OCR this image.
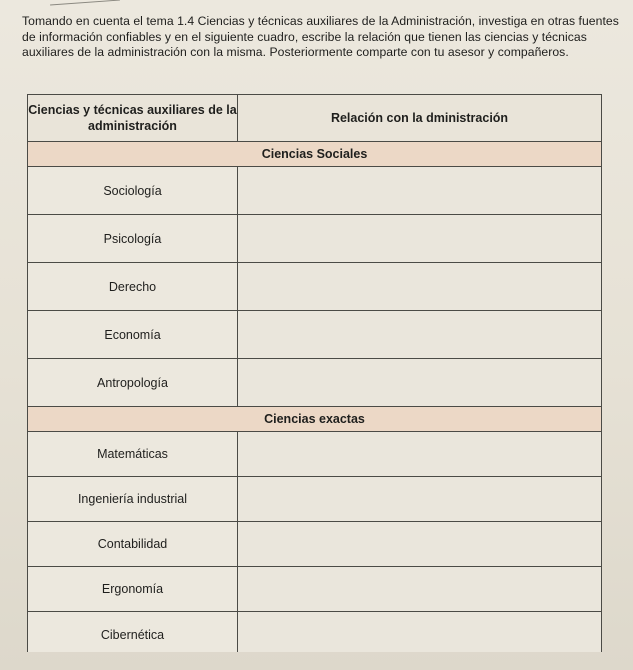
Tomando en cuenta el tema 1.4 Ciencias y técnicas auxiliares de la Administración, investiga en otras fuentes de información confiables y en el siguiente cuadro, escribe la relación que tienen las ciencias y técnicas auxiliares de la administración con la misma. Posteriormente comparte con tu asesor y compañeros.

Ciencias y técnicas auxiliares de la administración	Relación con la dministración
Ciencias Sociales	
Sociología	
Psicología	
Derecho	
Economía	
Antropología	
Ciencias exactas	
Matemáticas	
Ingeniería industrial	
Contabilidad	
Ergonomía	
Cibernética	
